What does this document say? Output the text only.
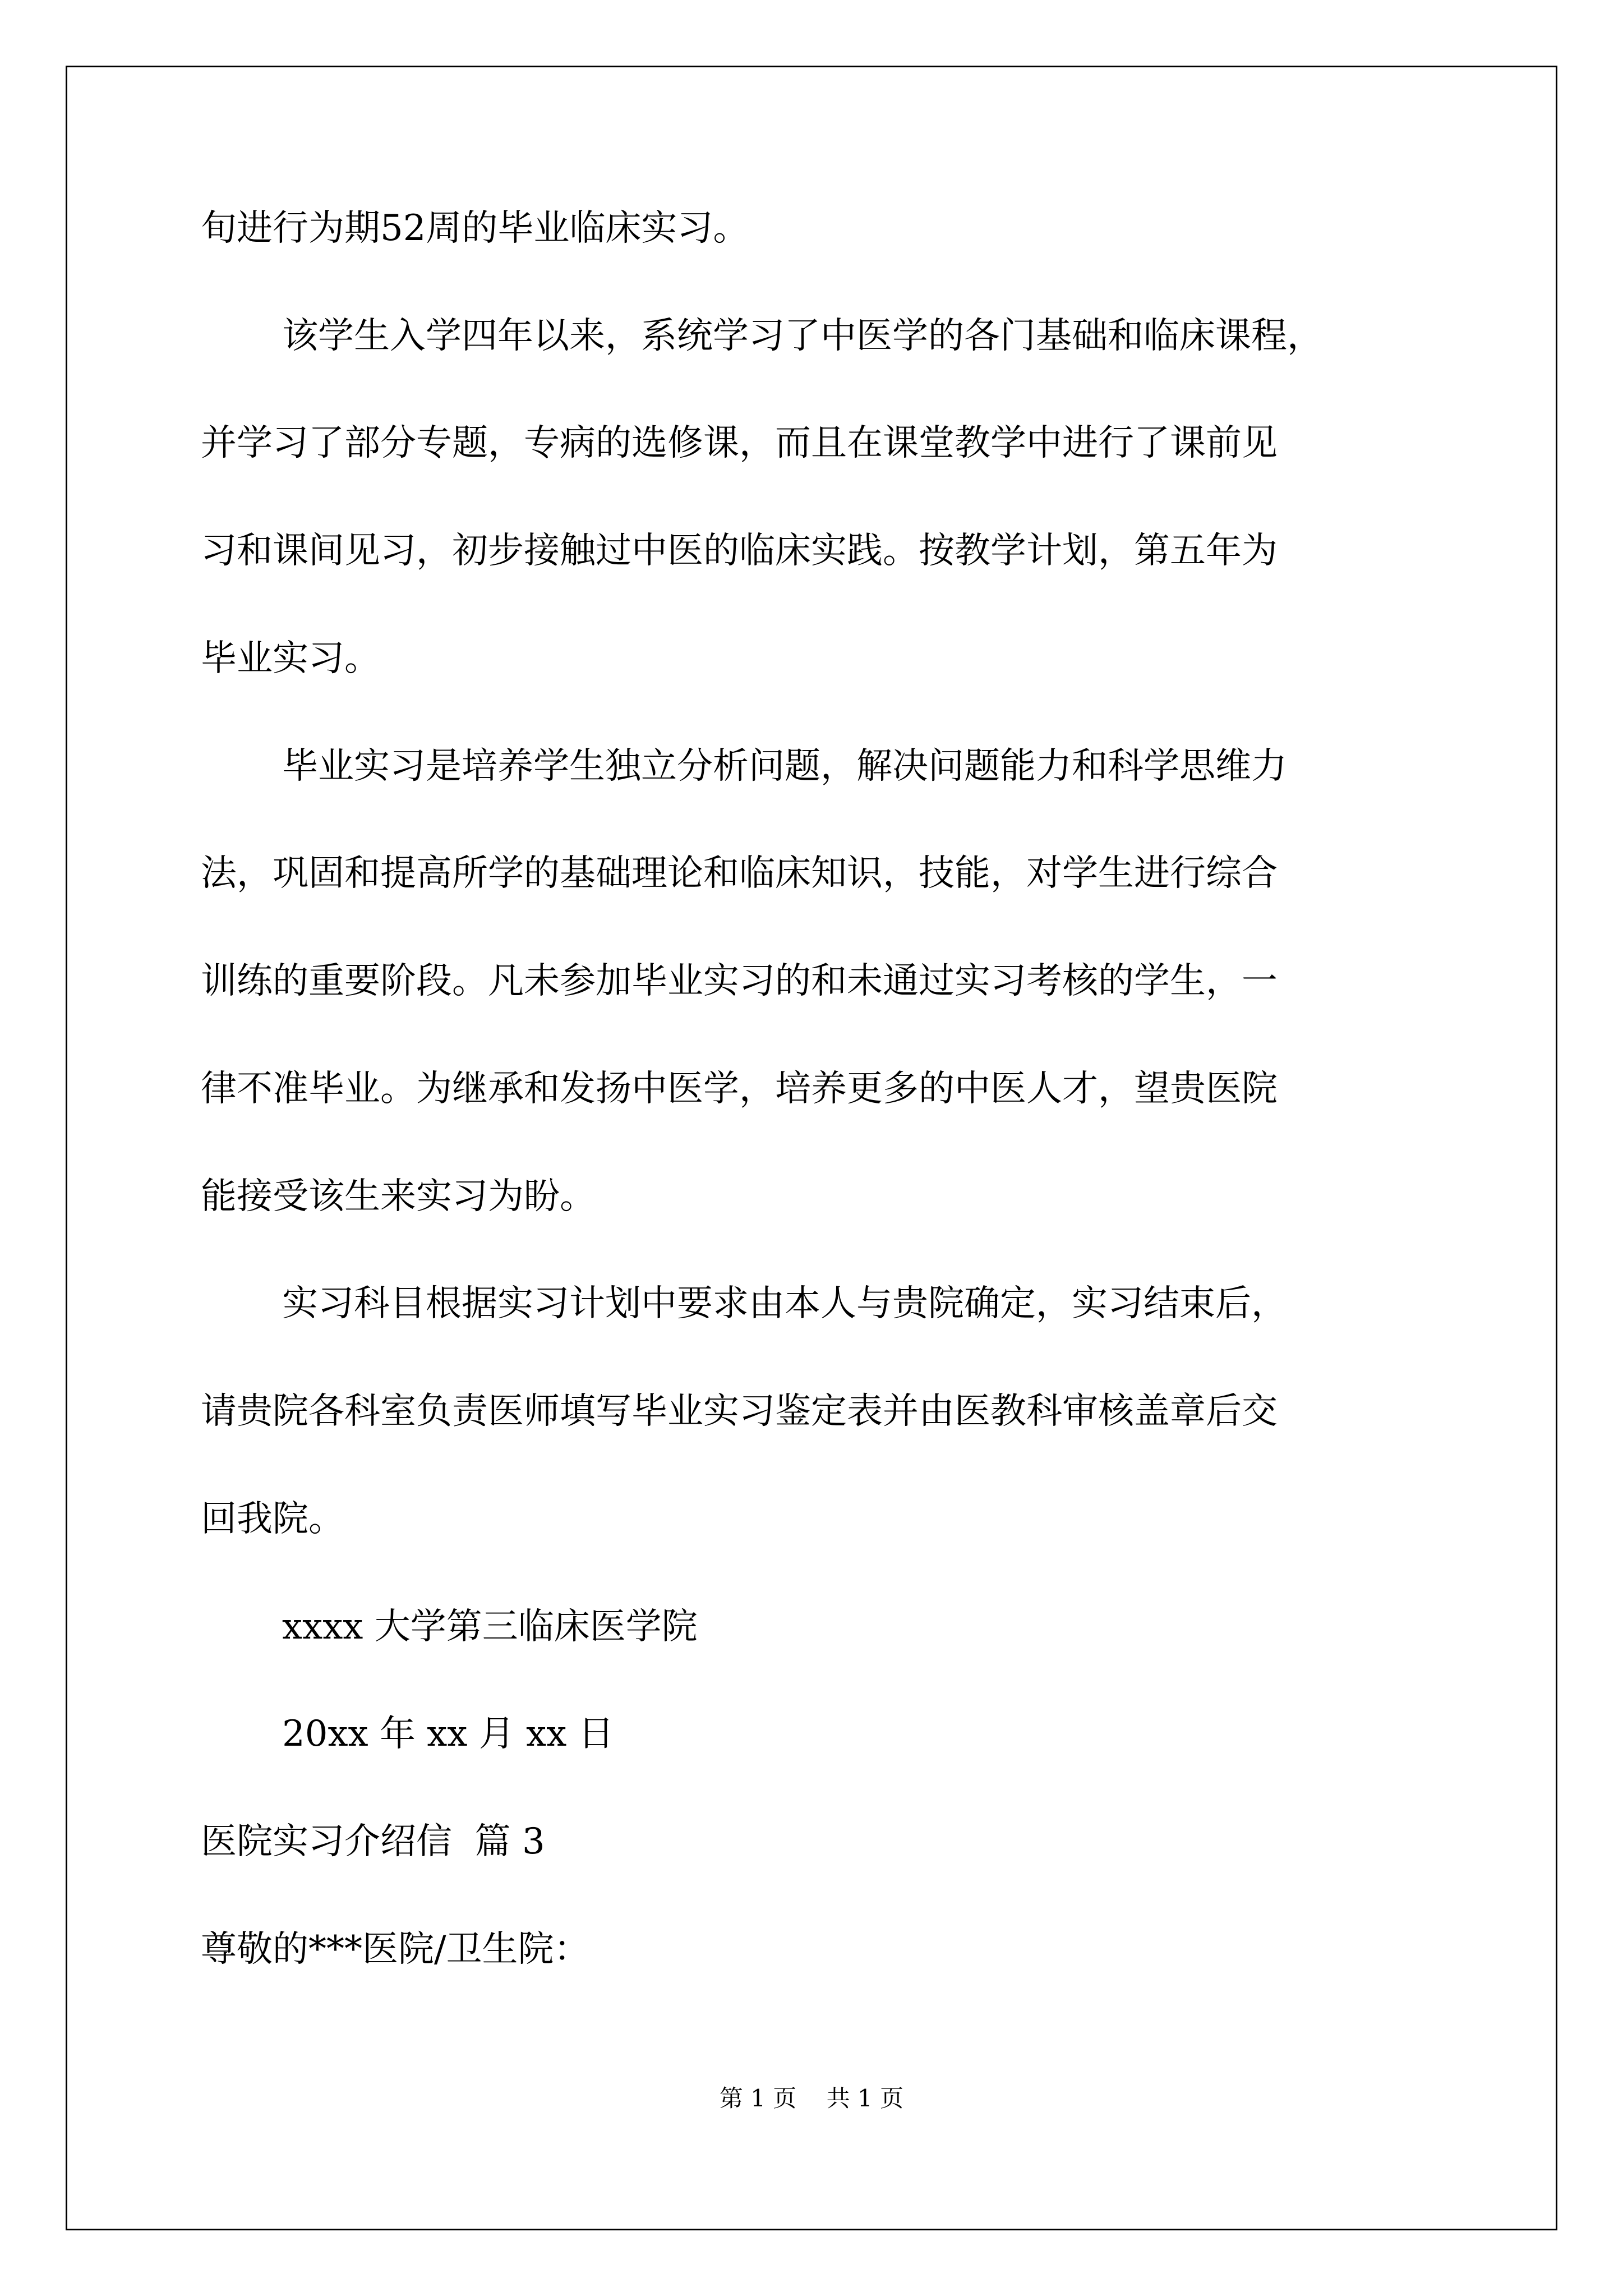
旬进行为期52周的毕业临床实习。

该学生入学四年以来，系统学习了中医学的各门基础和临床课程，

并学习了部分专题，专病的选修课，而且在课堂教学中进行了课前见

习和课间见习，初步接触过中医的临床实践。按教学计划，第五年为

毕业实习。

毕业实习是培养学生独立分析问题，解决问题能力和科学思维力

法，巩固和提高所学的基础理论和临床知识，技能，对学生进行综合

训练的重要阶段。凡未参加毕业实习的和未通过实习考核的学生，一

律不准毕业。为继承和发扬中医学，培养更多的中医人才，望贵医院

能接受该生来实习为盼。

实习科目根据实习计划中要求由本人与贵院确定，实习结束后，

请贵院各科室负责医师填写毕业实习鉴定表并由医教科审核盖章后交

回我院。

xxxx 大学第三临床医学院

20xx 年 xx 月 xx 日

医院实习介绍信  篇 3

尊敬的***医院/卫生院：

第 1 页    共 1 页
